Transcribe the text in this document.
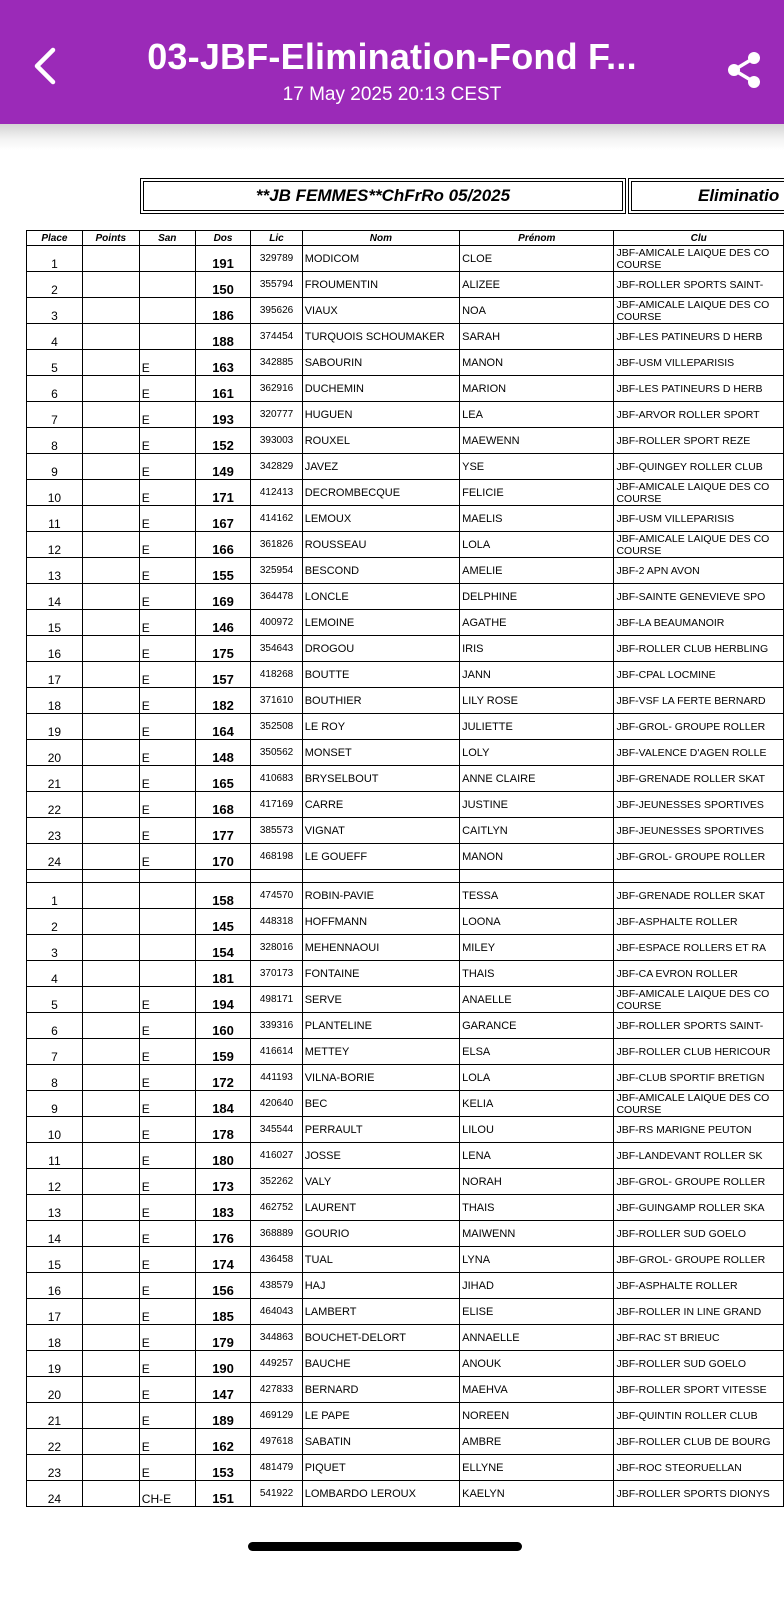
03-JBF-Elimination-Fond F...
17 May 2025 20:13 CEST
**JB FEMMES**ChFrRo 05/2025	Eliminatio
Place	Points	San	Dos	Lic	Nom	Prénom	Clu
1			191	329789	MODICOM	CLOE	JBF-AMICALE LAIQUE DES CO
COURSE

2			150	355794	FROUMENTIN	ALIZEE	JBF-ROLLER SPORTS SAINT-
3			186	395626	VIAUX	NOA	JBF-AMICALE LAIQUE DES CO
COURSE

4			188	374454	TURQUOIS SCHOUMAKER	SARAH	JBF-LES PATINEURS D HERB
5		E	163	342885	SABOURIN	MANON	JBF-USM VILLEPARISIS
6		E	161	362916	DUCHEMIN	MARION	JBF-LES PATINEURS D HERB
7		E	193	320777	HUGUEN	LEA	JBF-ARVOR ROLLER SPORT
8		E	152	393003	ROUXEL	MAEWENN	JBF-ROLLER SPORT REZE
9		E	149	342829	JAVEZ	YSE	JBF-QUINGEY ROLLER CLUB
10		E	171	412413	DECROMBECQUE	FELICIE	JBF-AMICALE LAIQUE DES CO
COURSE

11		E	167	414162	LEMOUX	MAELIS	JBF-USM VILLEPARISIS
12		E	166	361826	ROUSSEAU	LOLA	JBF-AMICALE LAIQUE DES CO
COURSE

13		E	155	325954	BESCOND	AMELIE	JBF-2 APN AVON
14		E	169	364478	LONCLE	DELPHINE	JBF-SAINTE GENEVIEVE SPO
15		E	146	400972	LEMOINE	AGATHE	JBF-LA BEAUMANOIR
16		E	175	354643	DROGOU	IRIS	JBF-ROLLER CLUB HERBLING
17		E	157	418268	BOUTTE	JANN	JBF-CPAL LOCMINE
18		E	182	371610	BOUTHIER	LILY ROSE	JBF-VSF LA FERTE BERNARD
19		E	164	352508	LE ROY	JULIETTE	JBF-GROL- GROUPE ROLLER
20		E	148	350562	MONSET	LOLY	JBF-VALENCE D'AGEN ROLLE
21		E	165	410683	BRYSELBOUT	ANNE CLAIRE	JBF-GRENADE ROLLER SKAT
22		E	168	417169	CARRE	JUSTINE	JBF-JEUNESSES SPORTIVES
23		E	177	385573	VIGNAT	CAITLYN	JBF-JEUNESSES SPORTIVES
24		E	170	468198	LE GOUEFF	MANON	JBF-GROL- GROUPE ROLLER

1			158	474570	ROBIN-PAVIE	TESSA	JBF-GRENADE ROLLER SKAT
2			145	448318	HOFFMANN	LOONA	JBF-ASPHALTE ROLLER
3			154	328016	MEHENNAOUI	MILEY	JBF-ESPACE ROLLERS ET RA
4			181	370173	FONTAINE	THAIS	JBF-CA EVRON ROLLER
5		E	194	498171	SERVE	ANAELLE	JBF-AMICALE LAIQUE DES CO
COURSE

6		E	160	339316	PLANTELINE	GARANCE	JBF-ROLLER SPORTS SAINT-
7		E	159	416614	METTEY	ELSA	JBF-ROLLER CLUB HERICOUR
8		E	172	441193	VILNA-BORIE	LOLA	JBF-CLUB SPORTIF BRETIGN
9		E	184	420640	BEC	KELIA	JBF-AMICALE LAIQUE DES CO
COURSE

10		E	178	345544	PERRAULT	LILOU	JBF-RS MARIGNE PEUTON
11		E	180	416027	JOSSE	LENA	JBF-LANDEVANT ROLLER SK
12		E	173	352262	VALY	NORAH	JBF-GROL- GROUPE ROLLER
13		E	183	462752	LAURENT	THAIS	JBF-GUINGAMP ROLLER SKA
14		E	176	368889	GOURIO	MAIWENN	JBF-ROLLER SUD GOELO
15		E	174	436458	TUAL	LYNA	JBF-GROL- GROUPE ROLLER
16		E	156	438579	HAJ	JIHAD	JBF-ASPHALTE ROLLER
17		E	185	464043	LAMBERT	ELISE	JBF-ROLLER IN LINE GRAND
18		E	179	344863	BOUCHET-DELORT	ANNAELLE	JBF-RAC ST BRIEUC
19		E	190	449257	BAUCHE	ANOUK	JBF-ROLLER SUD GOELO
20		E	147	427833	BERNARD	MAEHVA	JBF-ROLLER SPORT VITESSE
21		E	189	469129	LE PAPE	NOREEN	JBF-QUINTIN ROLLER CLUB
22		E	162	497618	SABATIN	AMBRE	JBF-ROLLER CLUB DE BOURG
23		E	153	481479	PIQUET	ELLYNE	JBF-ROC STEORUELLAN
24		CH-E	151	541922	LOMBARDO LEROUX	KAELYN	JBF-ROLLER SPORTS DIONYS
